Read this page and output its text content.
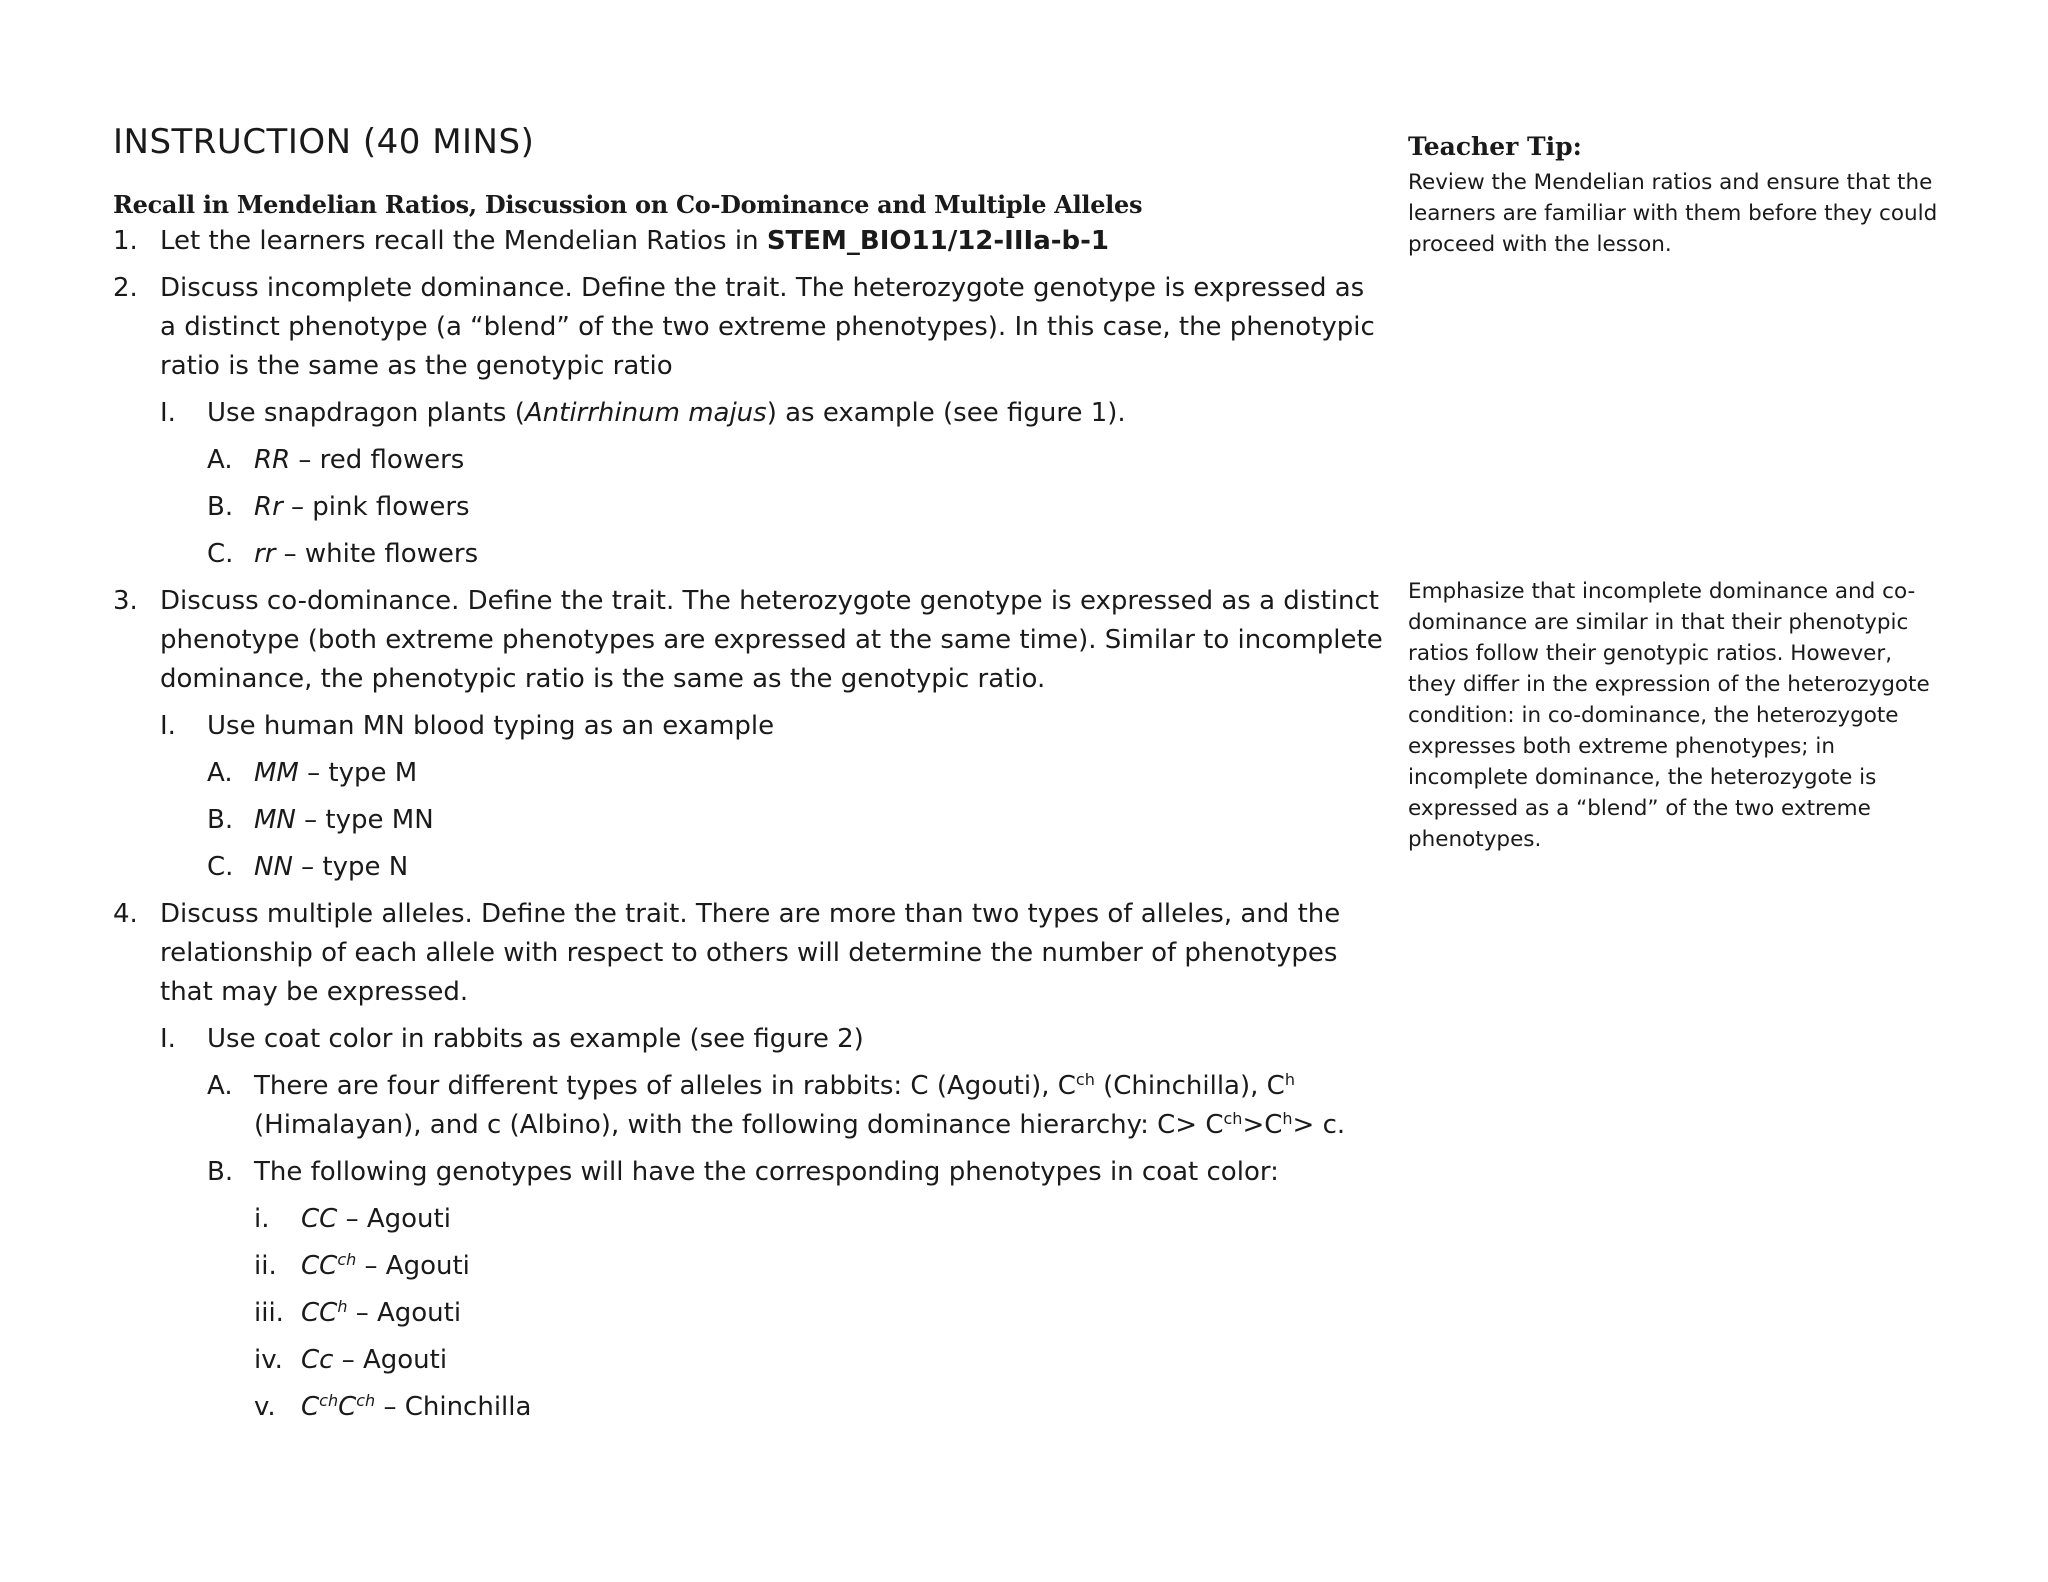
INSTRUCTION (40 MINS)
Recall in Mendelian Ratios, Discussion on Co-Dominance and Multiple Alleles
1. Let the learners recall the Mendelian Ratios in STEM_BIO11/12-IIIa-b-1
2. Discuss incomplete dominance. Define the trait. The heterozygote genotype is expressed as a distinct phenotype (a “blend” of the two extreme phenotypes). In this case, the phenotypic ratio is the same as the genotypic ratio
I. Use snapdragon plants (Antirrhinum majus) as example (see figure 1).
A. RR – red flowers
B. Rr – pink flowers
C. rr – white flowers
3. Discuss co-dominance. Define the trait. The heterozygote genotype is expressed as a distinct phenotype (both extreme phenotypes are expressed at the same time). Similar to incomplete dominance, the phenotypic ratio is the same as the genotypic ratio.
I. Use human MN blood typing as an example
A. MM – type M
B. MN – type MN
C. NN – type N
4. Discuss multiple alleles. Define the trait. There are more than two types of alleles, and the relationship of each allele with respect to others will determine the number of phenotypes that may be expressed.
I. Use coat color in rabbits as example (see figure 2)
A. There are four different types of alleles in rabbits: C (Agouti), $C^{ch}$ (Chinchilla), $C^h$ (Himalayan), and c (Albino), with the following dominance hierarchy: $C> C^{ch}>C^h> c$.
B. The following genotypes will have the corresponding phenotypes in coat color:
i. CC – Agouti
ii. $CC^{ch}$ – Agouti
iii. $CC^h$ – Agouti
iv. Cc – Agouti
v. $C^{ch}C^{ch}$ – Chinchilla
Teacher Tip:
Review the Mendelian ratios and ensure that the learners are familiar with them before they could proceed with the lesson.
Emphasize that incomplete dominance and co-dominance are similar in that their phenotypic ratios follow their genotypic ratios. However, they differ in the expression of the heterozygote condition: in co-dominance, the heterozygote expresses both extreme phenotypes; in incomplete dominance, the heterozygote is expressed as a “blend” of the two extreme phenotypes.
